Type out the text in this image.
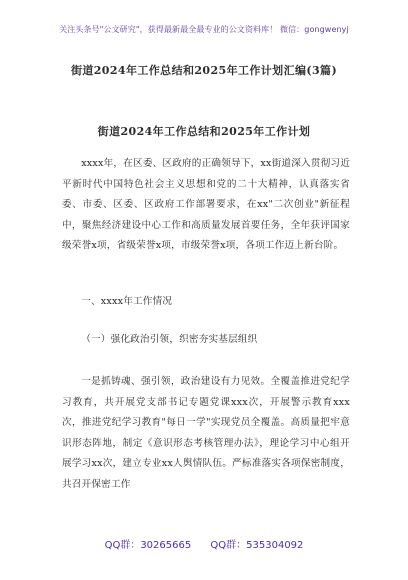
关注头条号"公文研究"，获得最新最全最专业的公文资料库！ 微信：gongwenyj
街道2024年工作总结和2025年工作计划汇编(3篇)
街道2024年工作总结和2025年工作计划
xxxx年，在区委、区政府的正确领导下，xx街道深入贯彻习近平新时代中国特色社会主义思想和党的二十大精神，认真落实省委、市委、区委、区政府工作部署要求，在xx"二次创业"新征程中，聚焦经济建设中心工作和高质量发展首要任务，全年获评国家级荣誉x项，省级荣誉x项，市级荣誉x项，各项工作迈上新台阶。
一、xxxx年工作情况
（一）强化政治引领，织密夯实基层组织
一是抓铸魂、强引领，政治建设有力见效。全覆盖推进党纪学习教育，共开展党支部书记专题党课xxx次，开展警示教育xxx次，推进党纪学习教育"每日一学"实现党员全覆盖。高质量把牢意识形态阵地，制定《意识形态考核管理办法》，理论学习中心组开展学习xx次，建立专业xx人舆情队伍。严标准落实各项保密制度，共召开保密工作
QQ群：30265665 QQ群：535304092
